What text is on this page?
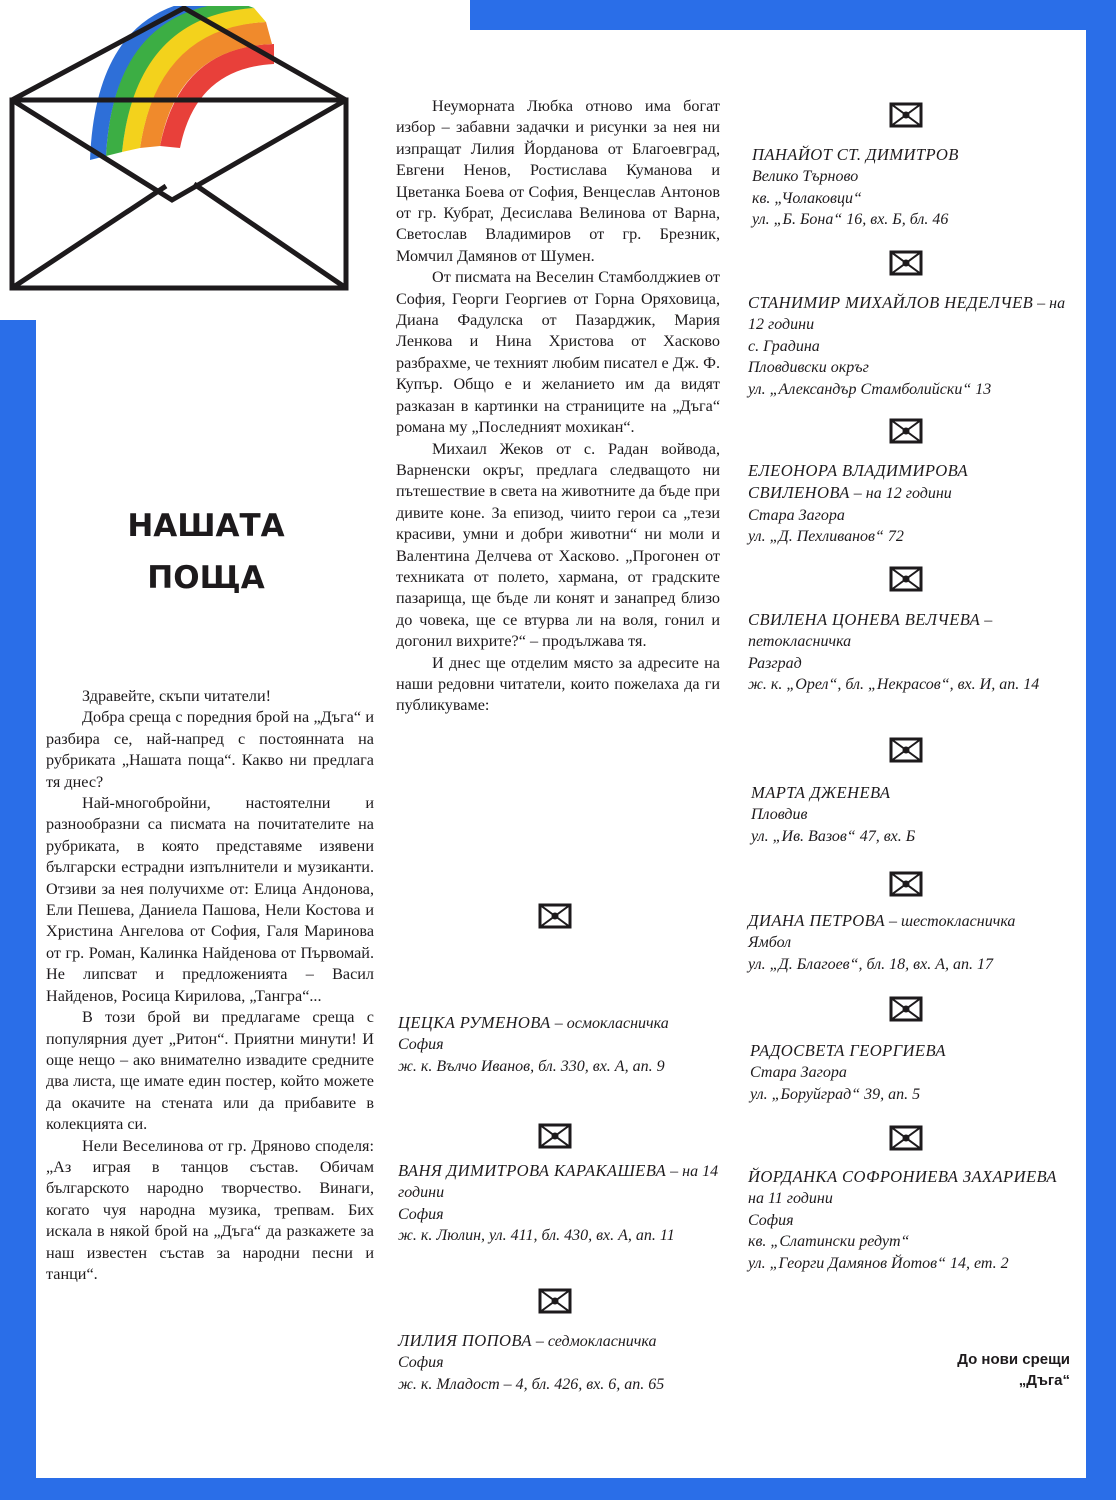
НАШАТА
ПОЩА

Здравейте, скъпи читатели!

Добра среща с поредния брой на „Дъга“ и разбира се, най-напред с постоянната на рубриката „Нашата поща“. Какво ни предлага тя днес?

Най-многобройни, настоятелни и разнообразни са писмата на почитателите на рубриката, в която представяме изявени български естрадни изпълнители и музиканти. Отзиви за нея получихме от: Елица Андонова, Ели Пешева, Даниела Пашова, Нели Костова и Христина Ангелова от София, Галя Маринова от гр. Роман, Калинка Найденова от Първомай. Не липсват и предложенията – Васил Найденов, Росица Кирилова, „Тангра“...

В този брой ви предлагаме среща с популярния дует „Ритон“. Приятни минути! И още нещо – ако внимателно извадите средните два листа, ще имате един постер, който можете да окачите на стената или да прибавите в колекцията си.

Нели Веселинова от гр. Дряново споделя: „Аз играя в танцов състав. Обичам българското народно творчество. Винаги, когато чуя народна музика, трепвам. Бих искала в някой брой на „Дъга“ да разкажете за наш известен състав за народни песни и танци“.

Неуморната Любка отново има богат избор – забавни задачки и рисунки за нея ни изпращат Лилия Йорданова от Благоевград, Евгени Ненов, Ростислава Куманова и Цветанка Боева от София, Венцеслав Антонов от гр. Кубрат, Десислава Велинова от Варна, Светослав Владимиров от гр. Брезник, Момчил Дамянов от Шумен.

От писмата на Веселин Стамболджиев от София, Георги Георгиев от Горна Оряховица, Диана Фадулска от Пазарджик, Мария Ленкова и Нина Христова от Хасково разбрахме, че техният любим писател е Дж. Ф. Купър. Общо е и желанието им да видят разказан в картинки на страниците на „Дъга“ романа му „Последният мохикан“.

Михаил Жеков от с. Радан войвода, Варненски окръг, предлага следващото ни пътешествие в света на животните да бъде при дивите коне. За епизод, чиито герои са „тези красиви, умни и добри животни“ ни моли и Валентина Делчева от Хасково. „Прогонен от техниката от полето, харманa, от градските пазарища, ще бъде ли конят и занапред близо до човека, ще се втурва ли на воля, гонил и догонил вихрите?“ – продължава тя.

И днес ще отделим място за адресите на наши редовни читатели, които пожелаха да ги публикуваме:

ЦЕЦКА РУМЕНОВА – осмокласничка
София
ж. к. Вълчо Иванов, бл. 330, вх. А, ап. 9
ВАНЯ ДИМИТРОВА КАРАКАШЕВА – на 14 години
София
ж. к. Люлин, ул. 411, бл. 430, вх. А, ап. 11
ЛИЛИЯ ПОПОВА – седмокласничка
София
ж. к. Младост – 4, бл. 426, вх. 6, ап. 65
ПАНАЙОТ СТ. ДИМИТРОВ
Велико Търново
кв. „Чолаковци“
ул. „Б. Бона“ 16, вх. Б, бл. 46
СТАНИМИР МИХАЙЛОВ НЕДЕЛЧЕВ – на 12 години
с. Градина
Пловдивски окръг
ул. „Александър Стамболийски“ 13
ЕЛЕОНОРА ВЛАДИМИРОВА СВИЛЕНОВА – на 12 години
Стара Загора
ул. „Д. Пехливанов“ 72
СВИЛЕНА ЦОНЕВА ВЕЛЧЕВА –
петокласничка
Разград
ж. к. „Орел“, бл. „Некрасов“, вх. И, ап. 14
МАРТА ДЖЕНЕВА
Пловдив
ул. „Ив. Вазов“ 47, вх. Б
ДИАНА ПЕТРОВА – шестокласничка
Ямбол
ул. „Д. Благоев“, бл. 18, вх. А, ап. 17
РАДОСВЕТА ГЕОРГИЕВА
Стара Загора
ул. „Боруйград“ 39, ап. 5
ЙОРДАНКА СОФРОНИЕВА ЗАХАРИЕВА на 11 години
София
кв. „Слатински редут“
ул. „Георги Дамянов Йотов“ 14, ет. 2
До нови срещи
„Дъга“
